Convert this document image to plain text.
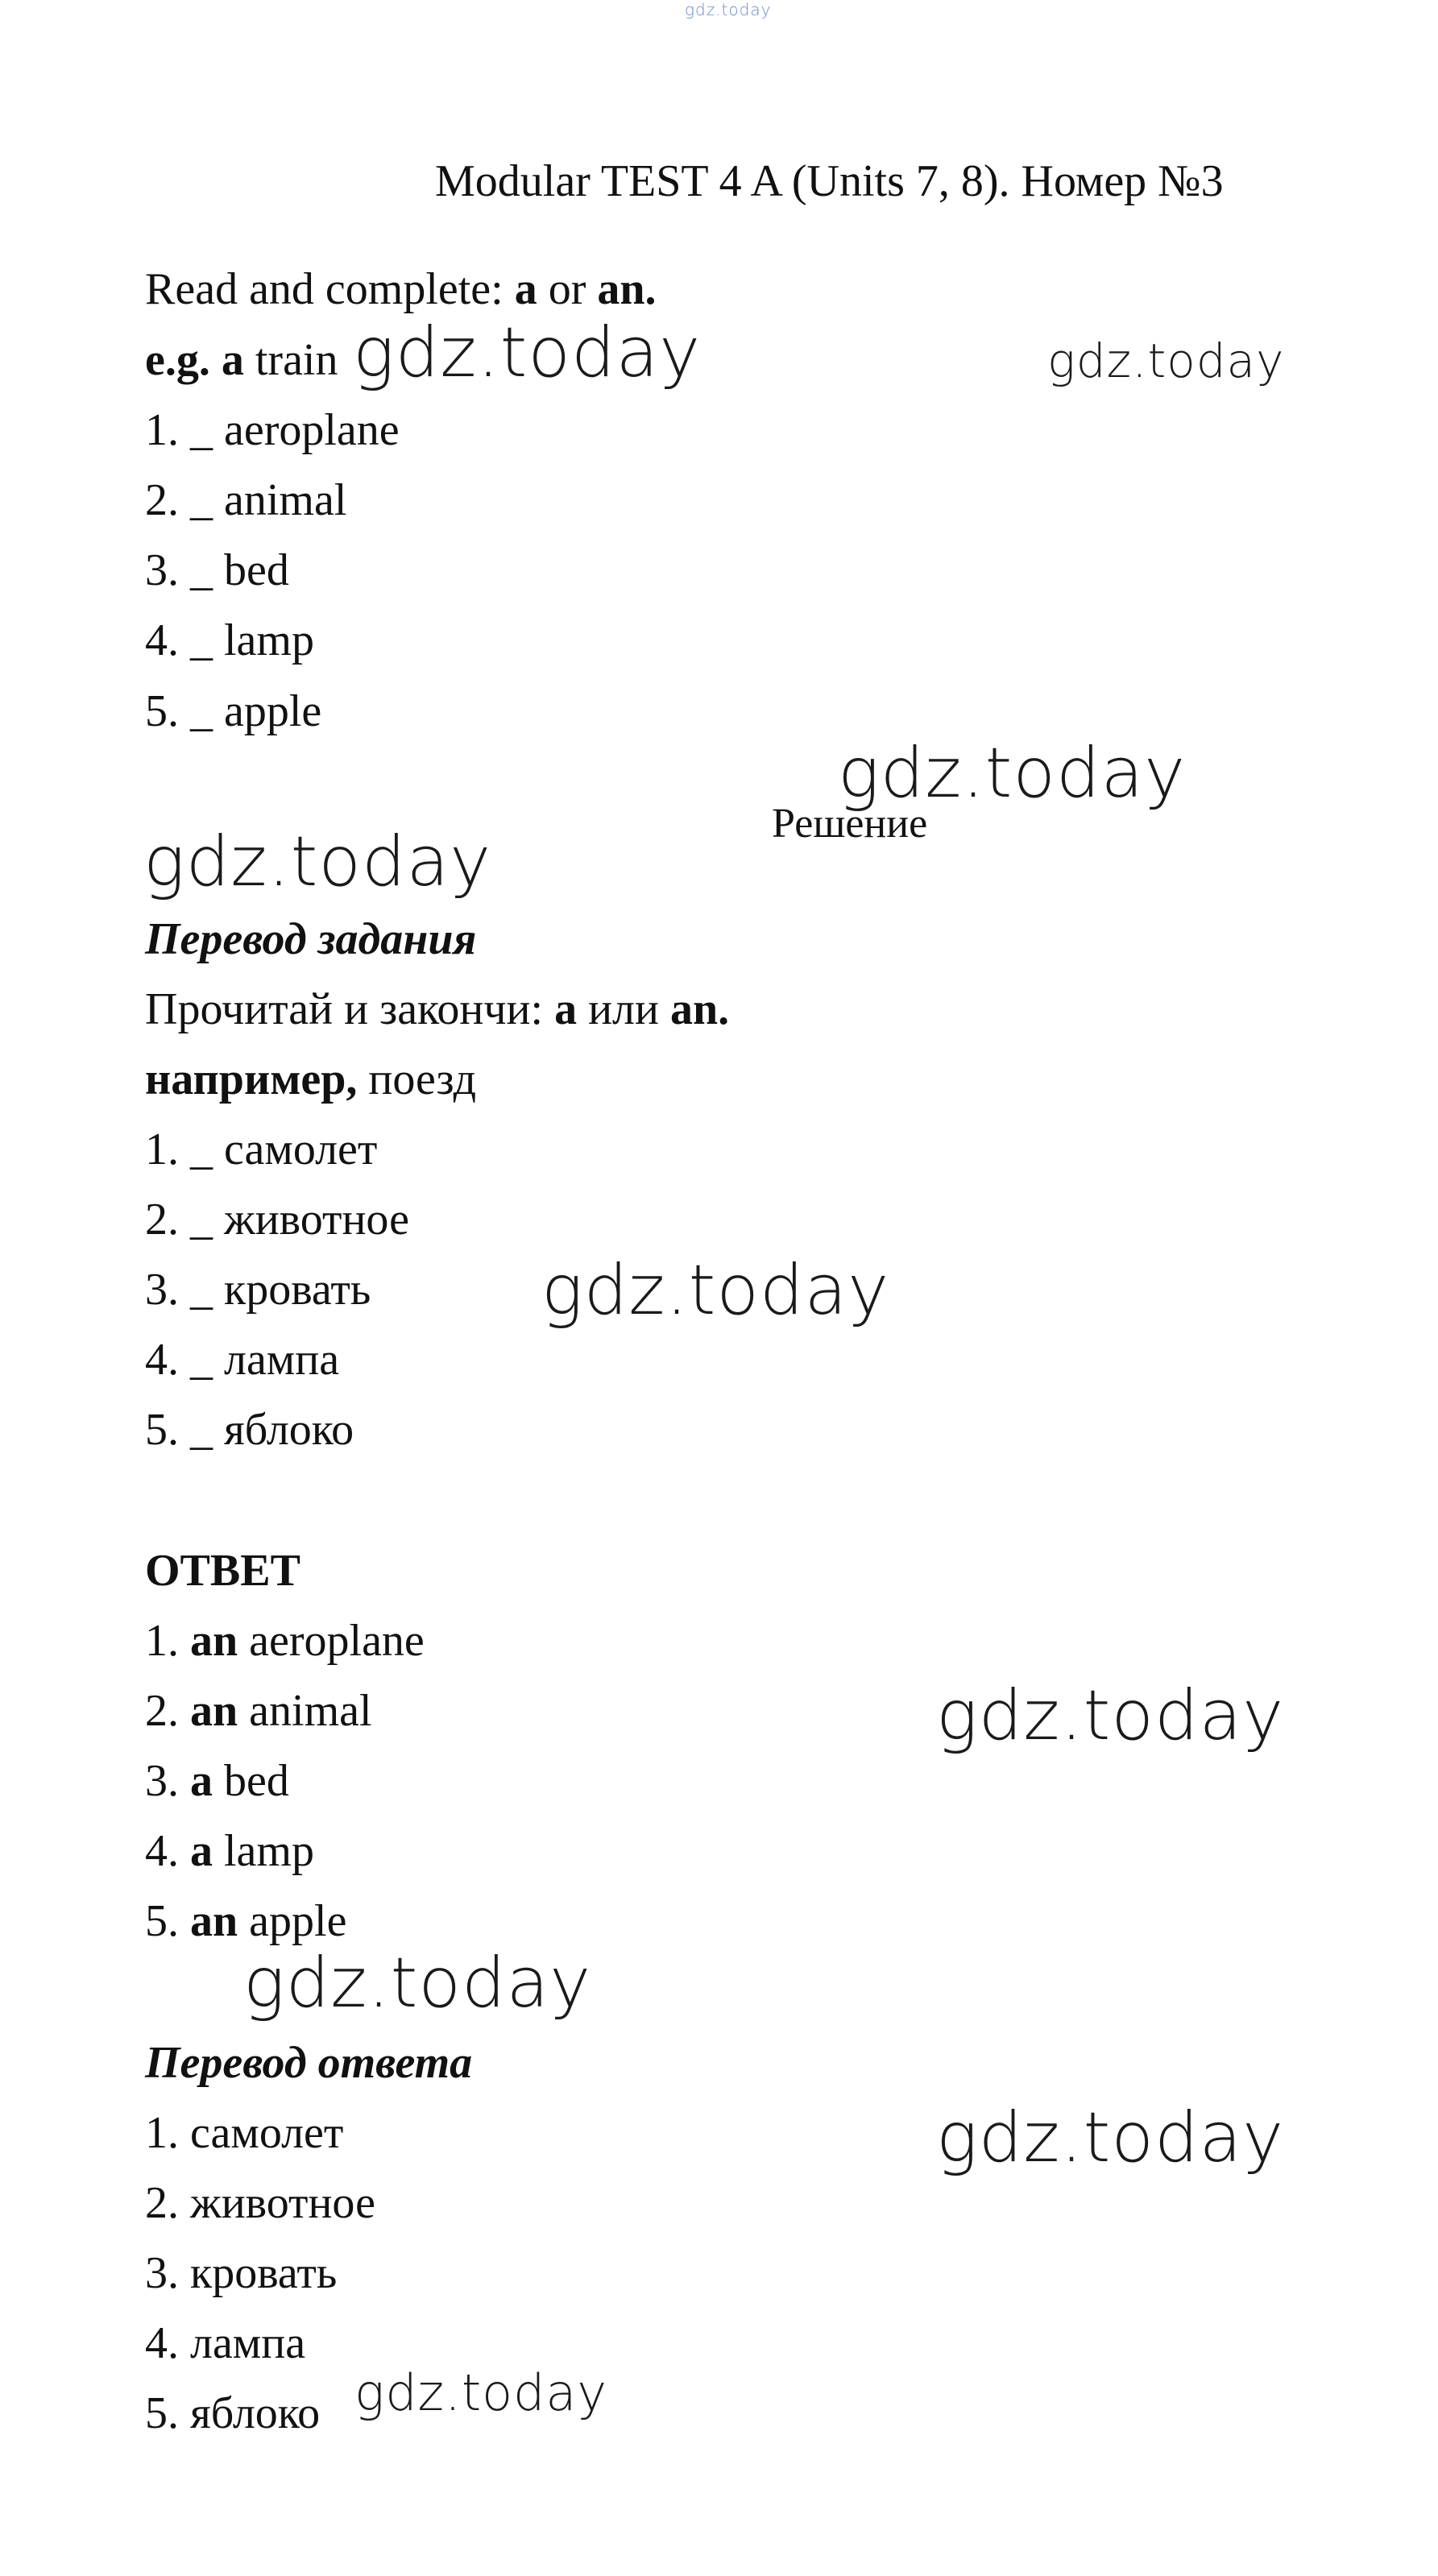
gdz.today
Modular TEST 4 A (Units 7, 8). Номер №3
Read and complete: a or an.
e.g. a train
1. _ aeroplane
2. _ animal
3. _ bed
4. _ lamp
5. _ apple
Решение
Перевод задания
Прочитай и закончи: a или an.
например, поезд
1. _ самолет
2. _ животное
3. _ кровать
4. _ лампа
5. _ яблоко
ОТВЕТ
1. an aeroplane
2. an animal
3. a bed
4. a lamp
5. an apple
Перевод ответа
1. самолет
2. животное
3. кровать
4. лампа
5. яблоко
gdz.today	gdz.today
gdz.today
gdz.today
gdz.today
gdz.today
gdz.today
gdz.today
gdz.today
